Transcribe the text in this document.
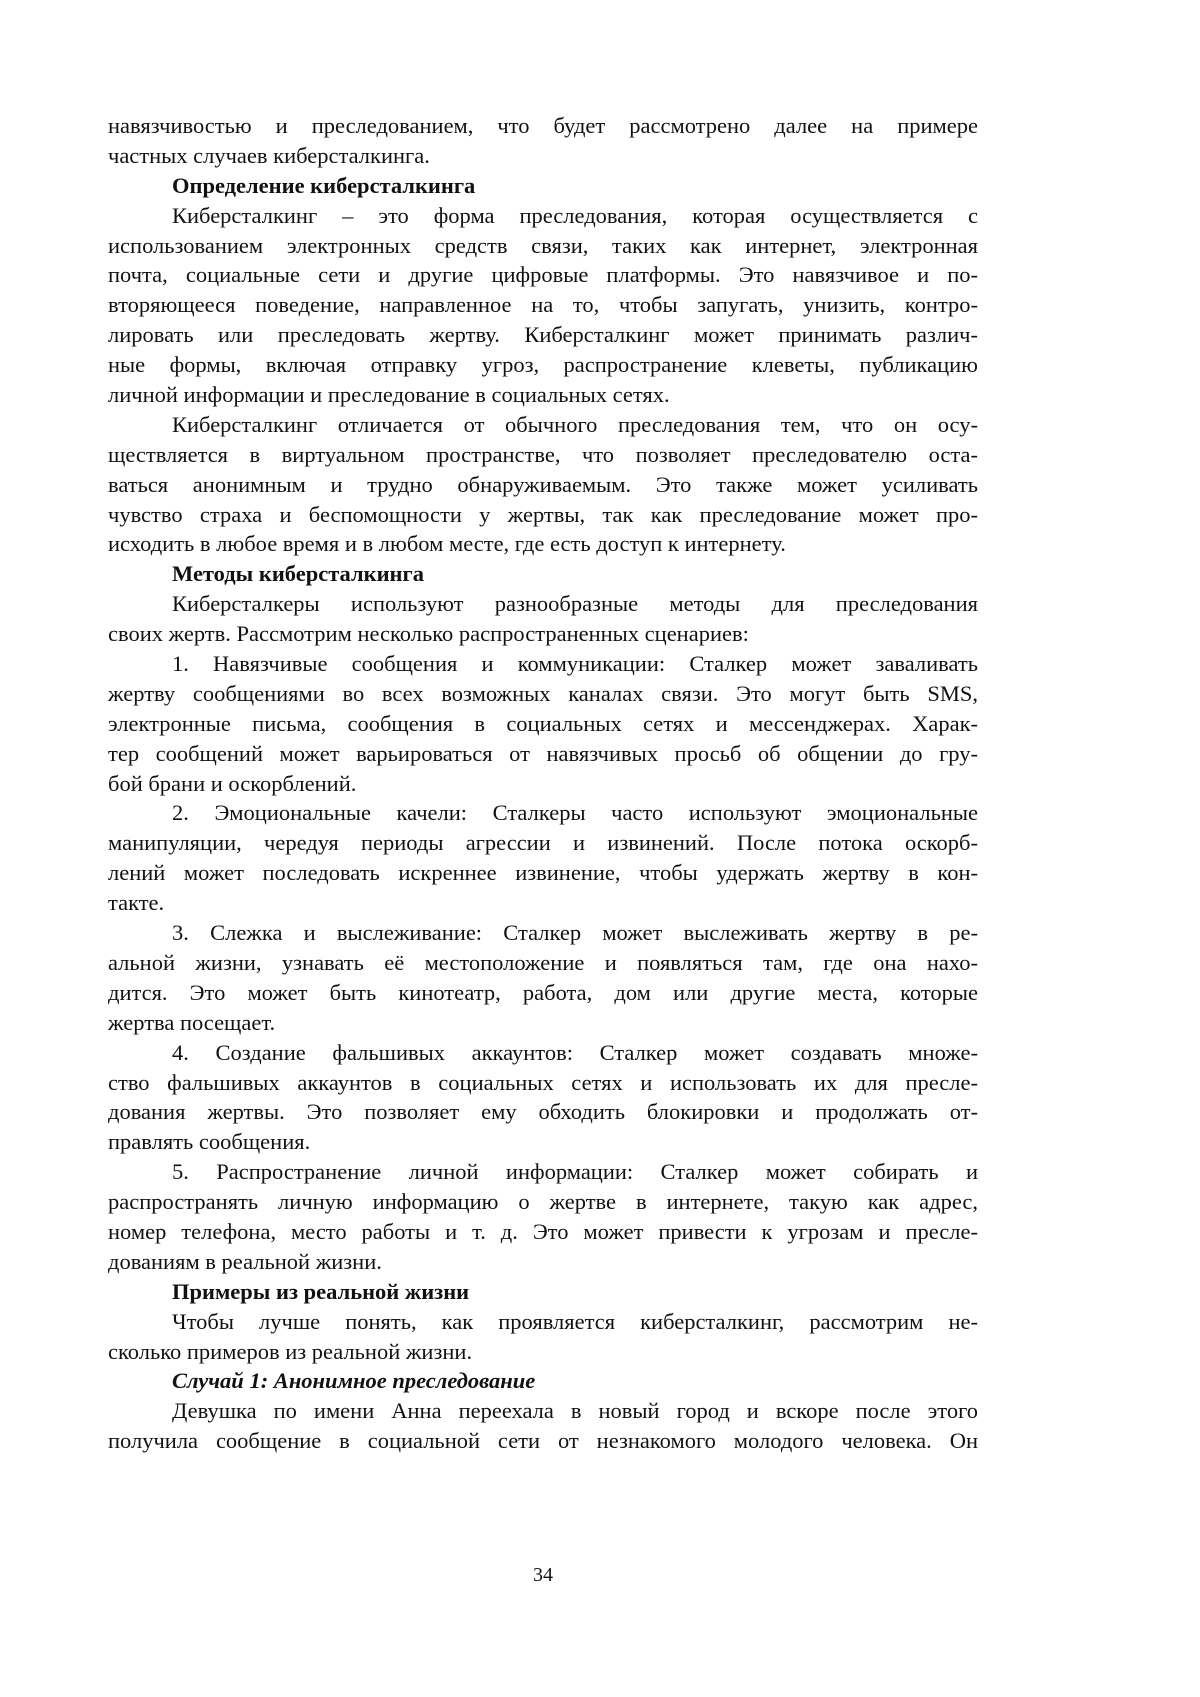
навязчивостью и преследованием, что будет рассмотрено далее на примере
частных случаев киберсталкинга.
Определение киберсталкинга
Киберсталкинг – это форма преследования, которая осуществляется с
использованием электронных средств связи, таких как интернет, электронная
почта, социальные сети и другие цифровые платформы. Это навязчивое и по-
вторяющееся поведение, направленное на то, чтобы запугать, унизить, контро-
лировать или преследовать жертву. Киберсталкинг может принимать различ-
ные формы, включая отправку угроз, распространение клеветы, публикацию
личной информации и преследование в социальных сетях.
Киберсталкинг отличается от обычного преследования тем, что он осу-
ществляется в виртуальном пространстве, что позволяет преследователю оста-
ваться анонимным и трудно обнаруживаемым. Это также может усиливать
чувство страха и беспомощности у жертвы, так как преследование может про-
исходить в любое время и в любом месте, где есть доступ к интернету.
Методы киберсталкинга
Киберсталкеры используют разнообразные методы для преследования
своих жертв. Рассмотрим несколько распространенных сценариев:
1. Навязчивые сообщения и коммуникации: Сталкер может заваливать
жертву сообщениями во всех возможных каналах связи. Это могут быть SMS,
электронные письма, сообщения в социальных сетях и мессенджерах. Харак-
тер сообщений может варьироваться от навязчивых просьб об общении до гру-
бой брани и оскорблений.
2. Эмоциональные качели: Сталкеры часто используют эмоциональные
манипуляции, чередуя периоды агрессии и извинений. После потока оскорб-
лений может последовать искреннее извинение, чтобы удержать жертву в кон-
такте.
3. Слежка и выслеживание: Сталкер может выслеживать жертву в ре-
альной жизни, узнавать её местоположение и появляться там, где она нахо-
дится. Это может быть кинотеатр, работа, дом или другие места, которые
жертва посещает.
4. Создание фальшивых аккаунтов: Сталкер может создавать множе-
ство фальшивых аккаунтов в социальных сетях и использовать их для пресле-
дования жертвы. Это позволяет ему обходить блокировки и продолжать от-
правлять сообщения.
5. Распространение личной информации: Сталкер может собирать и
распространять личную информацию о жертве в интернете, такую как адрес,
номер телефона, место работы и т. д. Это может привести к угрозам и пресле-
дованиям в реальной жизни.
Примеры из реальной жизни
Чтобы лучше понять, как проявляется киберсталкинг, рассмотрим не-
сколько примеров из реальной жизни.
Случай 1: Анонимное преследование
Девушка по имени Анна переехала в новый город и вскоре после этого
получила сообщение в социальной сети от незнакомого молодого человека. Он
34
